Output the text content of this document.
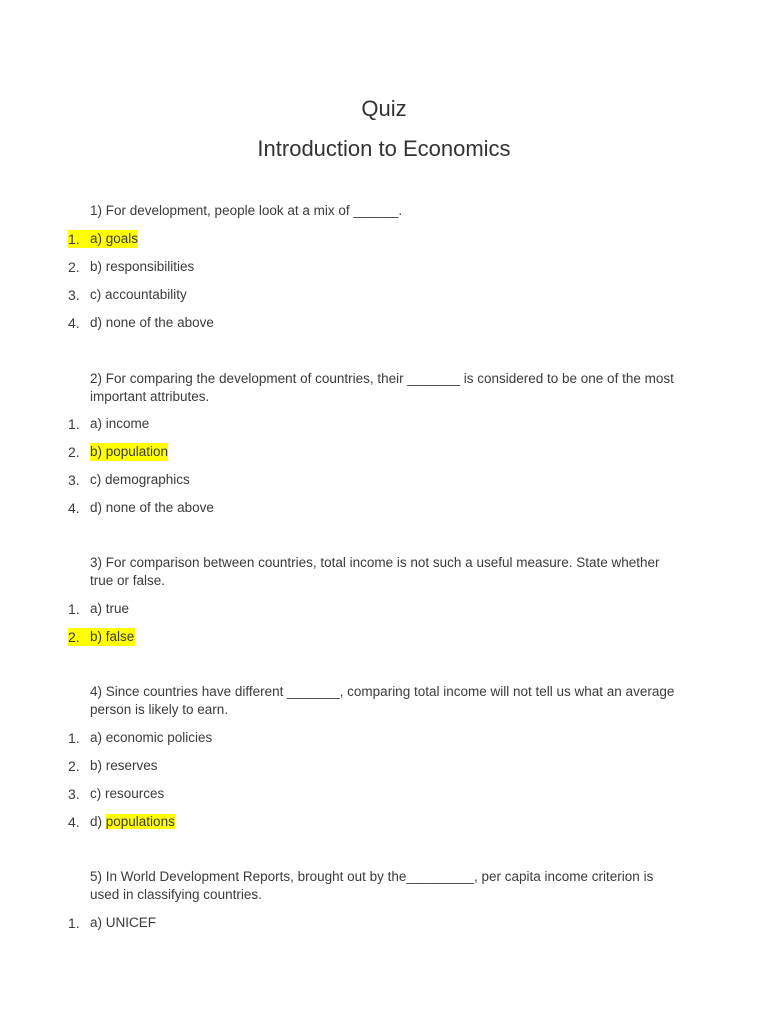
Quiz
Introduction to Economics
1) For development, people look at a mix of ______.
1. a) goals
2. b) responsibilities
3. c) accountability
4. d) none of the above
2) For comparing the development of countries, their _______ is considered to be one of the most important attributes.
1. a) income
2. b) population
3. c) demographics
4. d) none of the above
3) For comparison between countries, total income is not such a useful measure. State whether true or false.
1. a) true
2. b) false
4) Since countries have different _______, comparing total income will not tell us what an average person is likely to earn.
1. a) economic policies
2. b) reserves
3. c) resources
4. d) populations
5) In World Development Reports, brought out by the_________, per capita income criterion is used in classifying countries.
1. a) UNICEF
